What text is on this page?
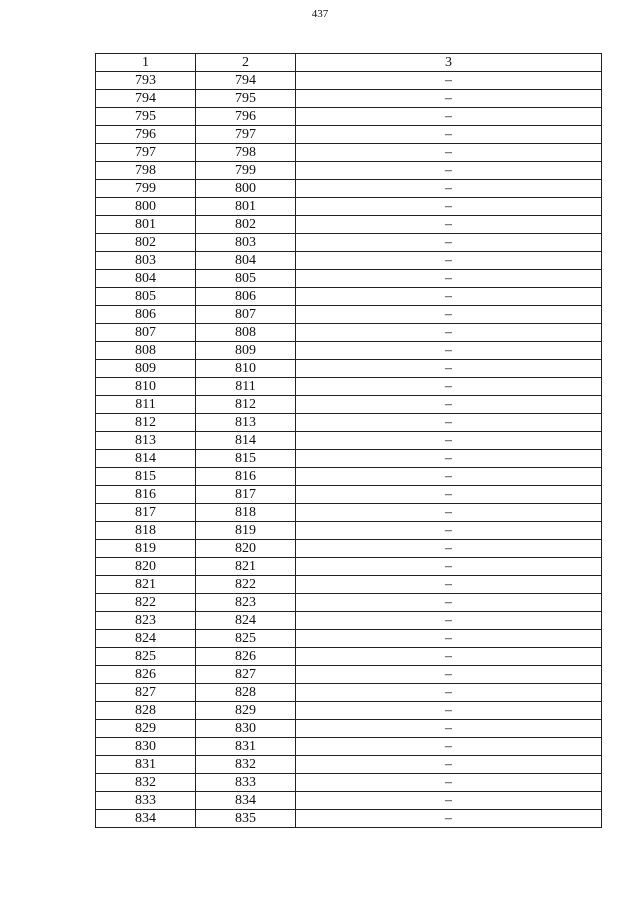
437
1	2	3
793	794	–
794	795	–
795	796	–
796	797	–
797	798	–
798	799	–
799	800	–
800	801	–
801	802	–
802	803	–
803	804	–
804	805	–
805	806	–
806	807	–
807	808	–
808	809	–
809	810	–
810	811	–
811	812	–
812	813	–
813	814	–
814	815	–
815	816	–
816	817	–
817	818	–
818	819	–
819	820	–
820	821	–
821	822	–
822	823	–
823	824	–
824	825	–
825	826	–
826	827	–
827	828	–
828	829	–
829	830	–
830	831	–
831	832	–
832	833	–
833	834	–
834	835	–
